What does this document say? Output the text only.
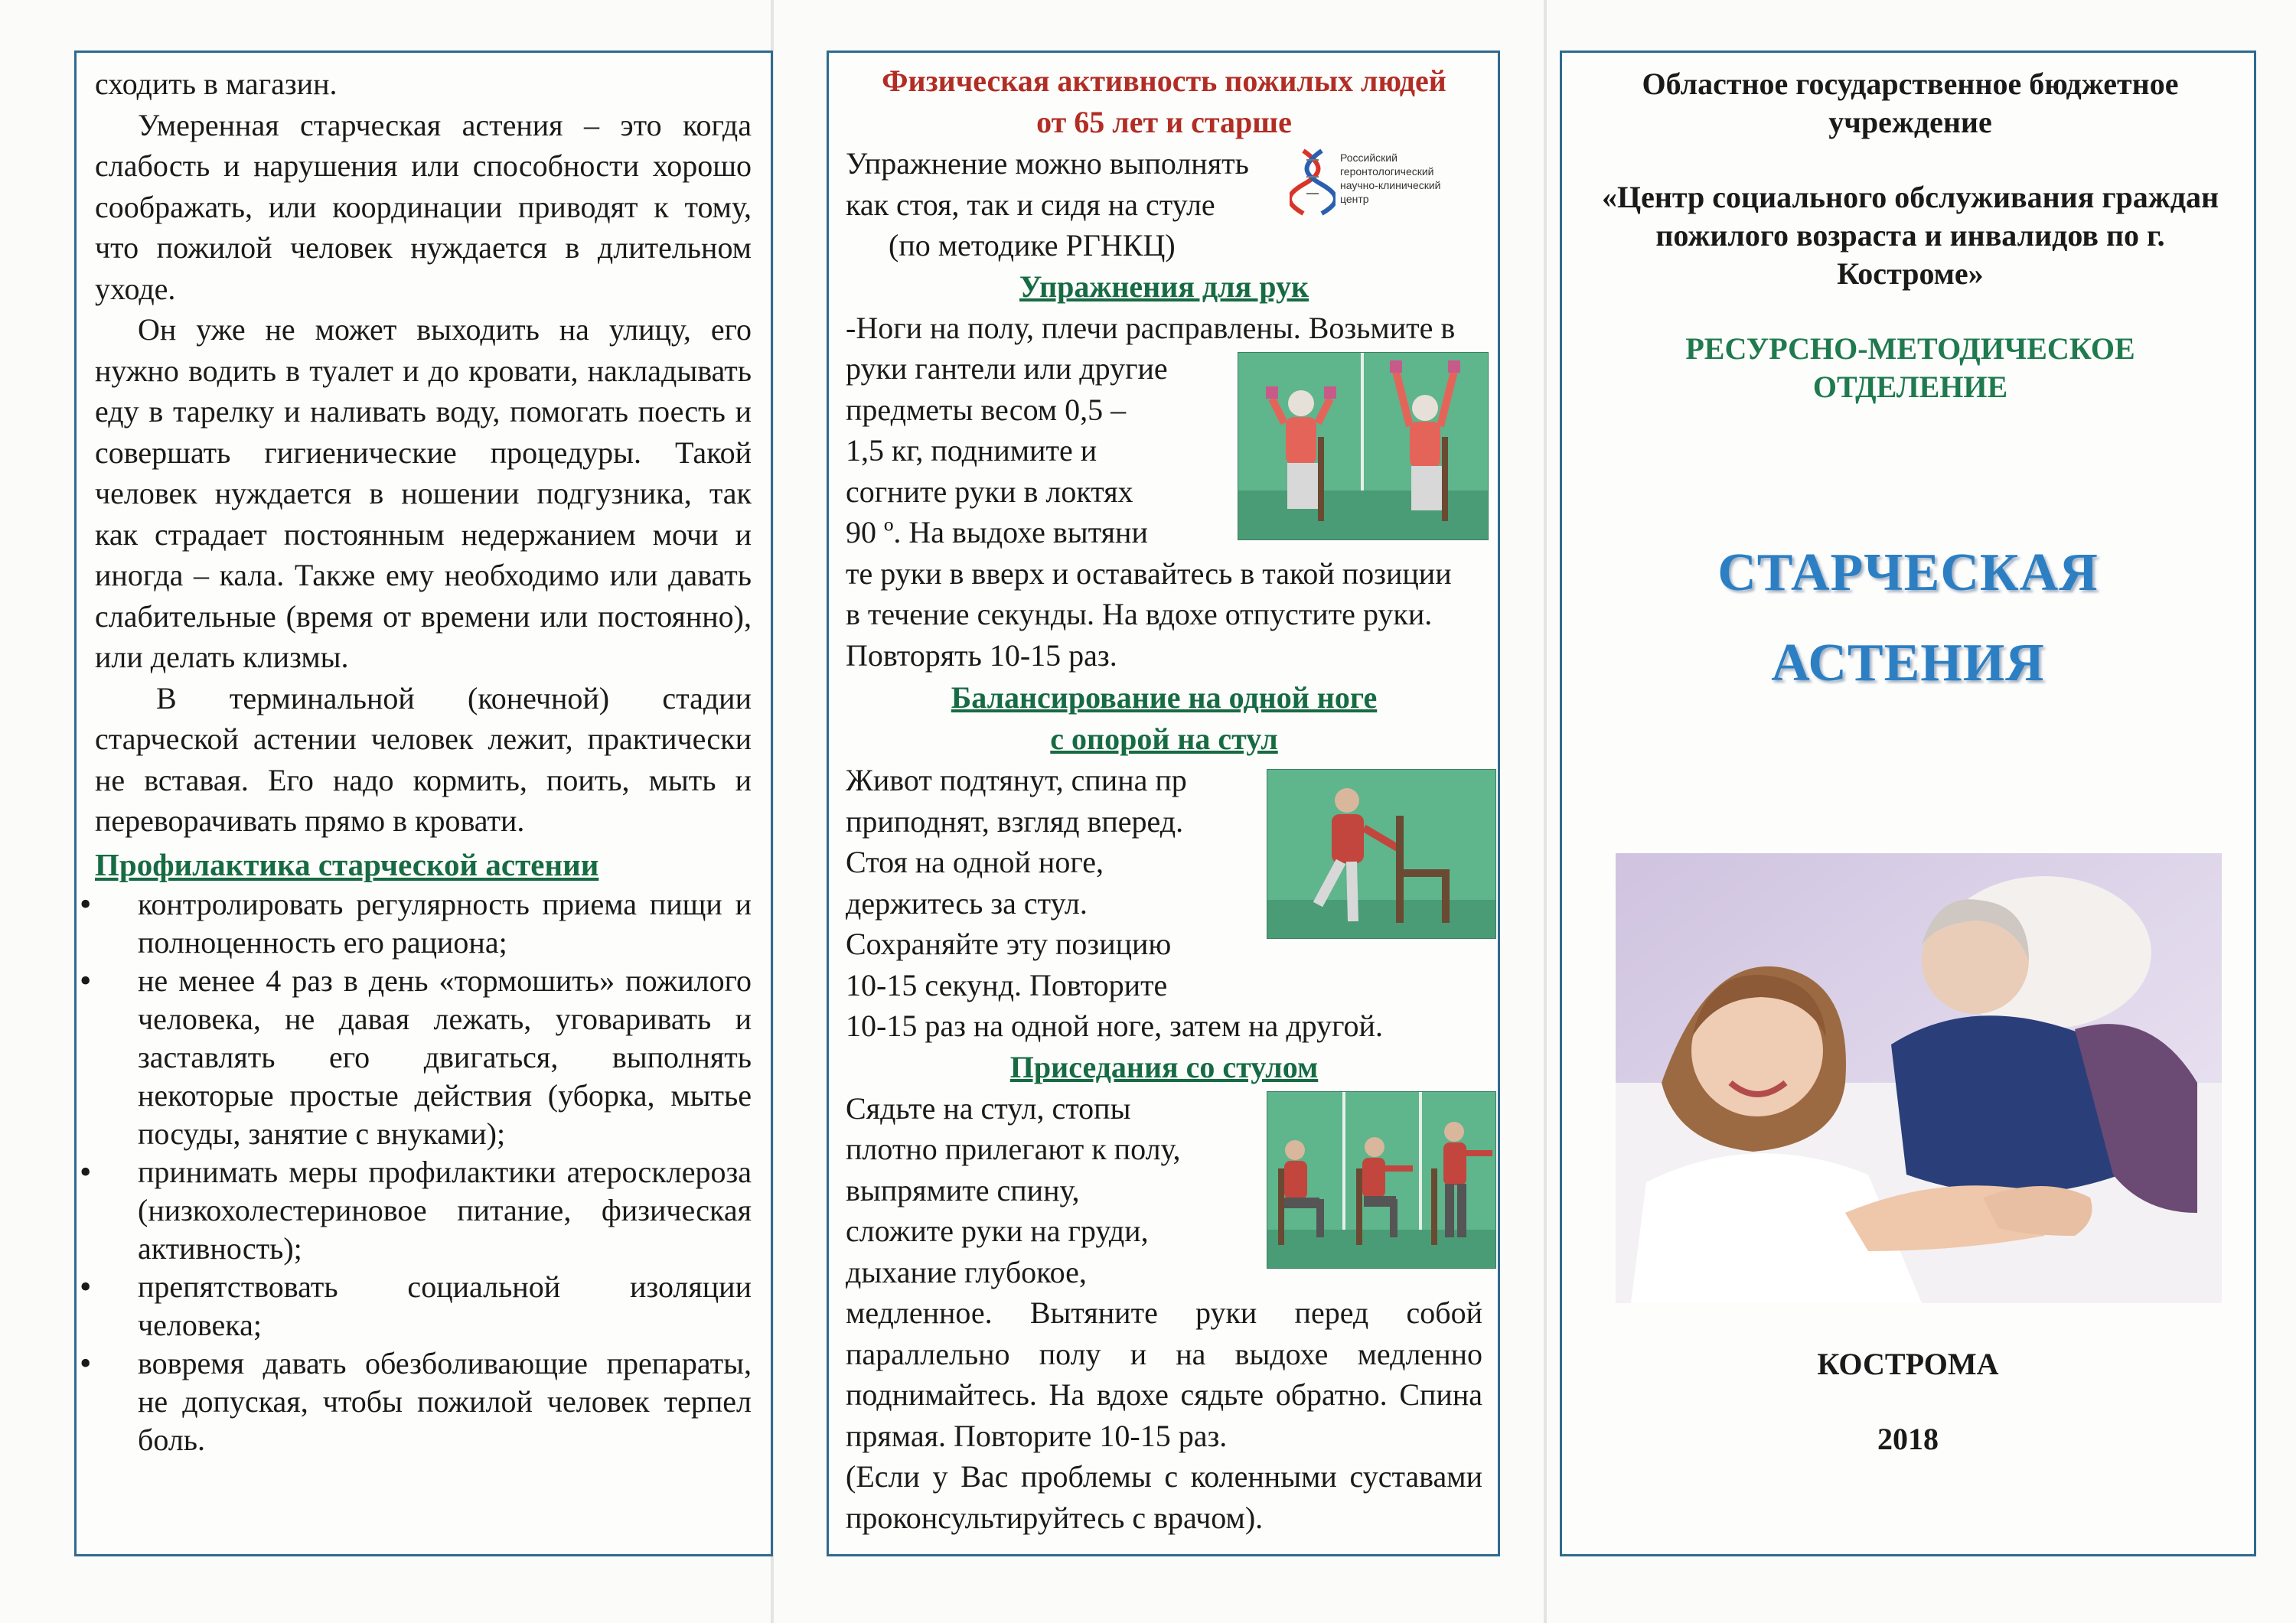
сходить в магазин.
Умеренная старческая астения – это когда слабость и нарушения или способности хорошо соображать, или координации приводят к тому, что пожилой человек нуждается в длительном уходе.
Он уже не может выходить на улицу, его нужно водить в туалет и до кровати, накладывать еду в тарелку и наливать воду, помогать поесть и совершать гигиенические процедуры. Такой человек нуждается в ношении подгузника, так как страдает постоянным недержанием мочи и иногда – кала. Также ему необходимо или давать слабительные (время от времени или постоянно), или делать клизмы.
В терминальной (конечной) стадии старческой астении человек лежит, практически не вставая. Его надо кормить, поить, мыть и переворачивать прямо в кровати.
Профилактика старческой астении
• контролировать регулярность приема пищи и полноценность его рациона;
• не менее 4 раз в день «тормошить» пожилого человека, не давая лежать, уговаривать и заставлять его двигаться, выполнять некоторые простые действия (уборка, мытье посуды, занятие с внуками);
• принимать меры профилактики атеросклероза (низкохолестериновое питание, физическая активность);
• препятствовать социальной изоляции человека;
• вовремя давать обезболивающие препараты, не допуская, чтобы пожилой человек терпел боль.
Физическая активность пожилых людей
от 65 лет и старше
Упражнение можно выполнять
как стоя, так и сидя на стуле
(по методике РГНКЦ)
Российский
геронтологический
научно-клинический
центр
Упражнения для рук
-Ноги на полу, плечи расправлены. Возьмите в
руки гантели или другие
предметы весом 0,5 –
1,5 кг, поднимите и
согните руки в локтях
90 º. На выдохе вытяни
те руки в вверх и оставайтесь в такой позиции
в течение секунды. На вдохе отпустите руки.
Повторять 10-15 раз.
Балансирование на одной ноге
с опорой на стул
Живот подтянут, спина пр
приподнят, взгляд вперед.
Стоя на одной ноге,
держитесь за стул.
Сохраняйте эту позицию
10-15 секунд. Повторите
10-15 раз на одной ноге, затем на другой.
Приседания со стулом
Сядьте на стул, стопы
плотно прилегают к полу,
выпрямите спину,
сложите руки на груди,
дыхание глубокое,
медленное. Вытяните руки перед собой параллельно полу и на выдохе медленно поднимайтесь. На вдохе сядьте обратно. Спина прямая. Повторите 10-15 раз.
(Если у Вас проблемы с коленными суставами проконсультируйтесь с врачом).
Областное государственное бюджетное учреждение
«Центр социального обслуживания граждан пожилого возраста и инвалидов по г. Костроме»
РЕСУРСНО-МЕТОДИЧЕСКОЕ
ОТДЕЛЕНИЕ
СТАРЧЕСКАЯ
АСТЕНИЯ
КОСТРОМА
2018
